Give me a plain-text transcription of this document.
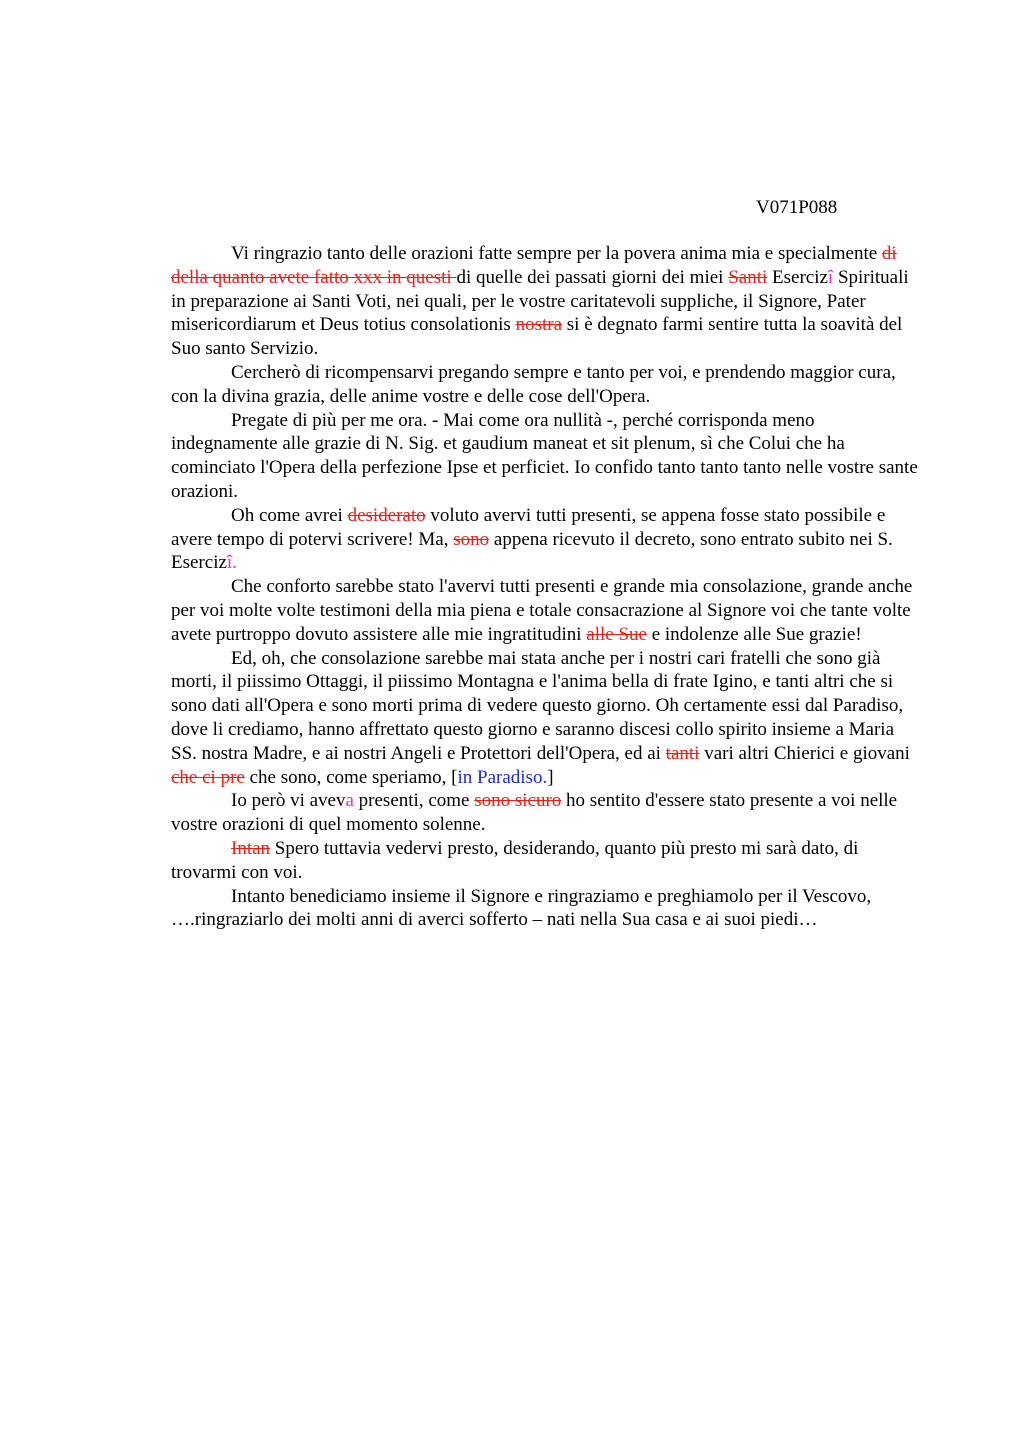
V071P088

Vi ringrazio tanto delle orazioni fatte sempre per la povera anima mia e specialmente di della quanto avete fatto xxx in questi di quelle dei passati giorni dei miei Santi Esercizî Spirituali in preparazione ai Santi Voti, nei quali, per le vostre caritatevoli suppliche, il Signore, Pater misericordiarum et Deus totius consolationis nostra si è degnato farmi sentire tutta la soavità del Suo santo Servizio.

Cercherò di ricompensarvi pregando sempre e tanto per voi, e prendendo maggior cura, con la divina grazia, delle anime vostre e delle cose dell'Opera.

Pregate di più per me ora. - Mai come ora nullità -, perché corrisponda meno indegnamente alle grazie di N. Sig. et gaudium maneat et sit plenum, sì che Colui che ha cominciato l'Opera della perfezione Ipse et perficiet. Io confido tanto tanto tanto nelle vostre sante orazioni.

Oh come avrei desiderato voluto avervi tutti presenti, se appena fosse stato possibile e avere tempo di potervi scrivere! Ma, sono appena ricevuto il decreto, sono entrato subito nei S. Esercizî.

Che conforto sarebbe stato l'avervi tutti presenti e grande mia consolazione, grande anche per voi molte volte testimoni della mia piena e totale consacrazione al Signore voi che tante volte avete purtroppo dovuto assistere alle mie ingratitudini alle Sue e indolenze alle Sue grazie!

Ed, oh, che consolazione sarebbe mai stata anche per i nostri cari fratelli che sono già morti, il piissimo Ottaggi, il piissimo Montagna e l'anima bella di frate Igino, e tanti altri che si sono dati all'Opera e sono morti prima di vedere questo giorno. Oh certamente essi dal Paradiso, dove li crediamo, hanno affrettato questo giorno e saranno discesi collo spirito insieme a Maria SS. nostra Madre, e ai nostri Angeli e Protettori dell'Opera, ed ai tanti vari altri Chierici e giovani che ci pre che sono, come speriamo, [in Paradiso.]

Io però vi aveva presenti, come sono sicuro ho sentito d'essere stato presente a voi nelle vostre orazioni di quel momento solenne.

Intan Spero tuttavia vedervi presto, desiderando, quanto più presto mi sarà dato, di trovarmi con voi.

Intanto benediciamo insieme il Signore e ringraziamo e preghiamolo per il Vescovo, ….ringraziarlo dei molti anni di averci sofferto – nati nella Sua casa e ai suoi piedi…
